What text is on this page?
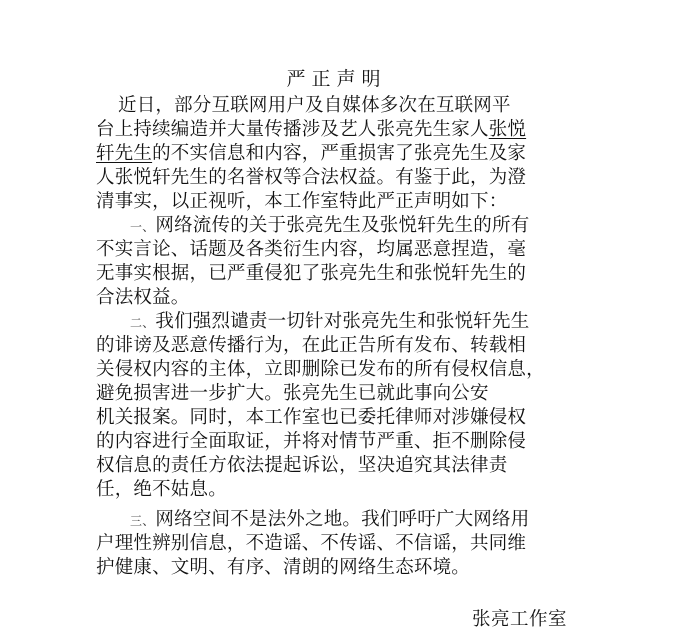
严正声明
近日，部分互联网用户及自媒体多次在互联网平
台上持续编造并大量传播涉及艺人张亮先生家人张悦
轩先生的不实信息和内容，严重损害了张亮先生及家
人张悦轩先生的名誉权等合法权益。有鉴于此，为澄
清事实，以正视听，本工作室特此严正声明如下：
一、网络流传的关于张亮先生及张悦轩先生的所有
不实言论、话题及各类衍生内容，均属恶意捏造，毫
无事实根据，已严重侵犯了张亮先生和张悦轩先生的
合法权益。
二、我们强烈谴责一切针对张亮先生和张悦轩先生
的诽谤及恶意传播行为，在此正告所有发布、转载相
关侵权内容的主体，立即删除已发布的所有侵权信息，
避免损害进一步扩大。张亮先生已就此事向公安
机关报案。同时，本工作室也已委托律师对涉嫌侵权
的内容进行全面取证，并将对情节严重、拒不删除侵
权信息的责任方依法提起诉讼，坚决追究其法律责
任，绝不姑息。
三、网络空间不是法外之地。我们呼吁广大网络用
户理性辨别信息，不造谣、不传谣、不信谣，共同维
护健康、文明、有序、清朗的网络生态环境。
张亮工作室
